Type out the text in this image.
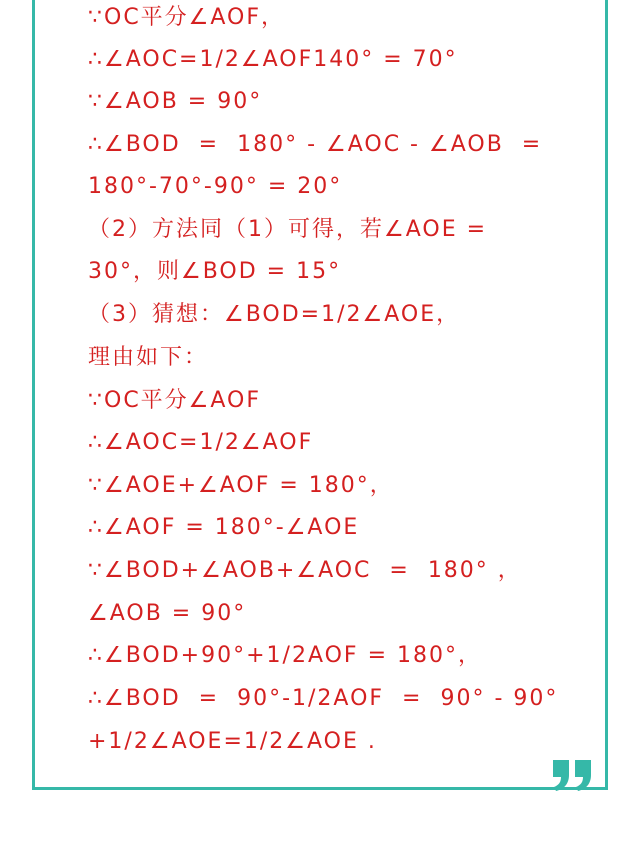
∵OC平分∠AOF，
∴∠AOC=1/2∠AOF140° = 70°
∵∠AOB = 90°
∴∠BOD  =  180° - ∠AOC - ∠AOB  =
180°-70°-90° = 20°
（2）方法同（1）可得，若∠AOE =
30°，则∠BOD = 15°
（3）猜想：∠BOD=1/2∠AOE，
理由如下：
∵OC平分∠AOF
∴∠AOC=1/2∠AOF
∵∠AOE+∠AOF = 180°，
∴∠AOF = 180°-∠AOE
∵∠BOD+∠AOB+∠AOC  =  180° ，
∠AOB = 90°
∴∠BOD+90°+1/2AOF = 180°，
∴∠BOD  =  90°-1/2AOF  =  90° - 90°
+1/2∠AOE=1/2∠AOE .
